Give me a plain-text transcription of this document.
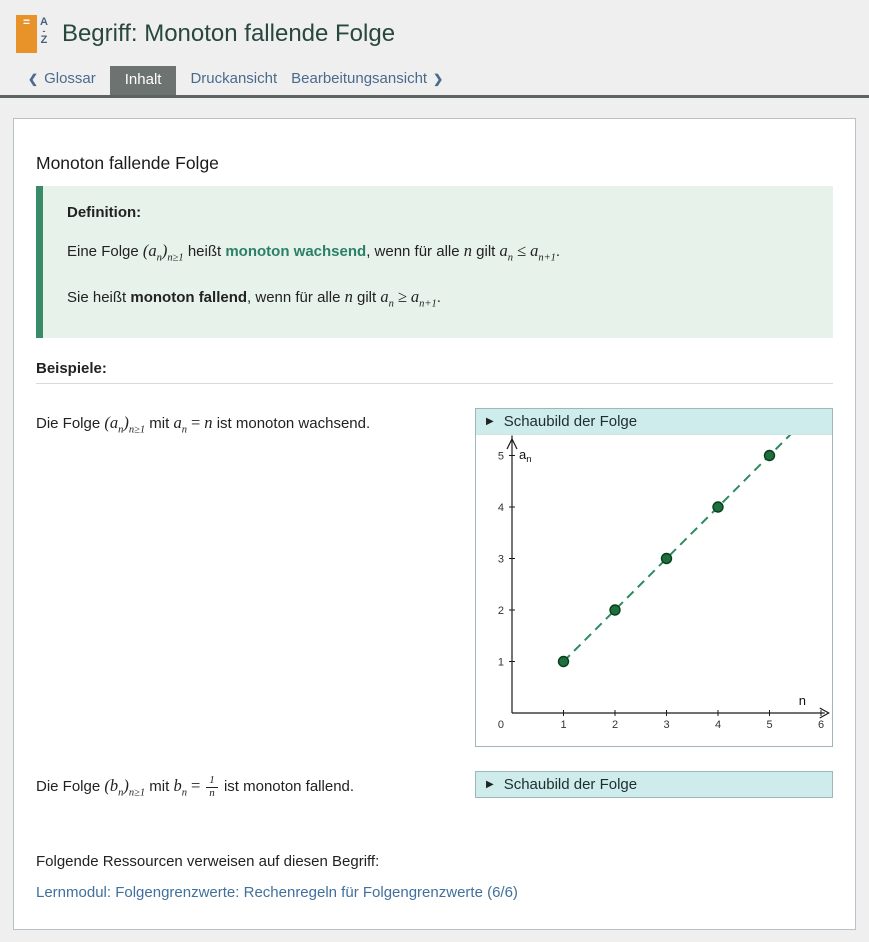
= A
-
Z Begriff: Monoton fallende Folge
❮ Glossar	Inhalt	Druckansicht Bearbeitungsansicht ❯
Monoton fallende Folge

Definition:

Eine Folge $(a_n)_{n\ge 1}$ heißt monoton wachsend, wenn für alle n gilt $a_n \le a_{n+1}$.

Sie heißt monoton fallend, wenn für alle n gilt $a_n \ge a_{n+1}$.

Beispiele:

Die Folge $(a_n)_{n\ge 1}$ mit $a_n = n$ ist monoton wachsend.	▶ Schaubild der Folge
1	2	3	4	5	6
1
2
3
4
5
0
$a_n$
n
Die Folge $(b_n)_{n\ge 1}$ mit $b_n = \frac{1}{n}$ ist monoton fallend.	▶ Schaubild der Folge

Folgende Ressourcen verweisen auf diesen Begriff:

Lernmodul: Folgengrenzwerte: Rechenregeln für Folgengrenzwerte (6/6)
